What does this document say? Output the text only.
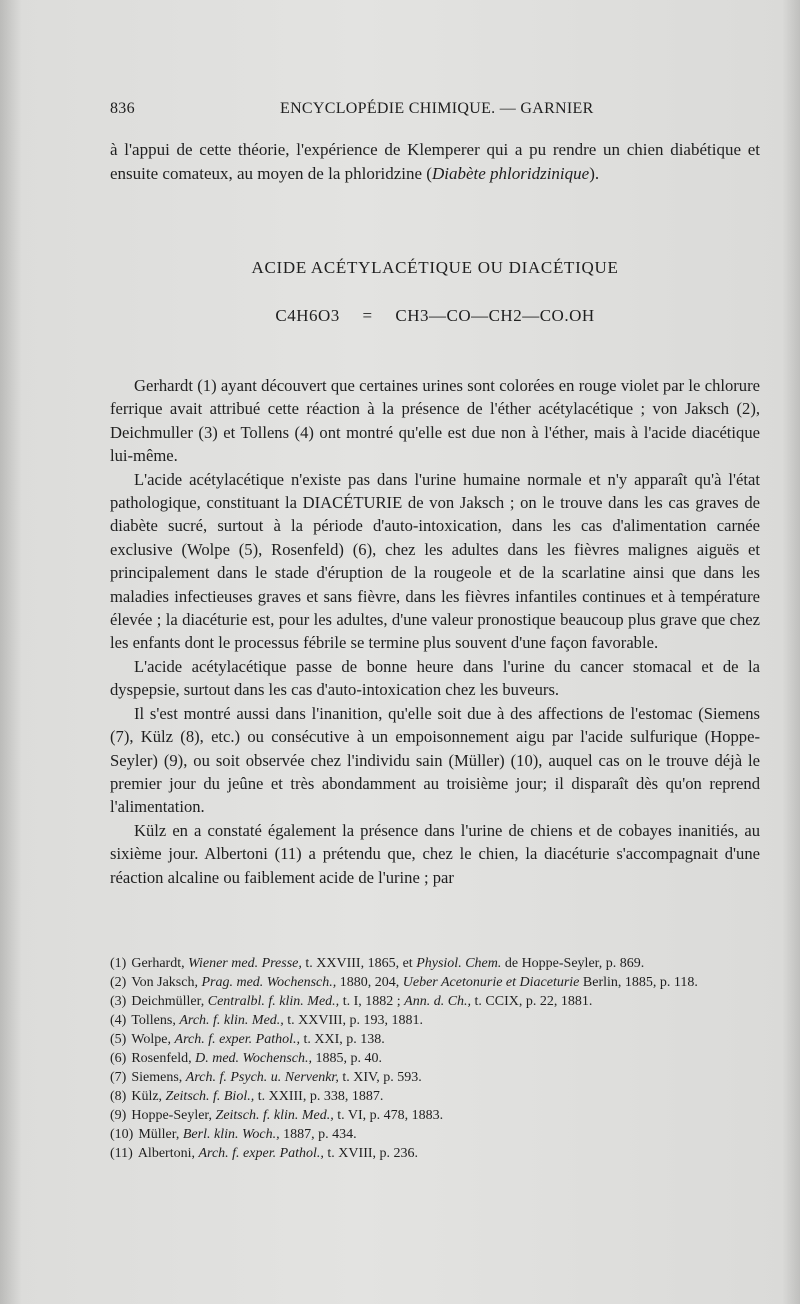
836	ENCYCLOPÉDIE CHIMIQUE. — GARNIER
à l'appui de cette théorie, l'expérience de Klemperer qui a pu rendre un chien diabétique et ensuite comateux, au moyen de la phloridzine (Diabète phloridzinique).
ACIDE ACÉTYLACÉTIQUE OU DIACÉTIQUE
C4H6O3 = CH3—CO—CH2—CO.OH

Gerhardt (1) ayant découvert que certaines urines sont colorées en rouge violet par le chlorure ferrique avait attribué cette réaction à la présence de l'éther acétylacétique ; von Jaksch (2), Deichmuller (3) et Tollens (4) ont montré qu'elle est due non à l'éther, mais à l'acide diacétique lui-même.

L'acide acétylacétique n'existe pas dans l'urine humaine normale et n'y apparaît qu'à l'état pathologique, constituant la DIACÉTURIE de von Jaksch ; on le trouve dans les cas graves de diabète sucré, surtout à la période d'auto-intoxication, dans les cas d'alimentation carnée exclusive (Wolpe (5), Rosenfeld) (6), chez les adultes dans les fièvres malignes aiguës et principalement dans le stade d'éruption de la rougeole et de la scarlatine ainsi que dans les maladies infectieuses graves et sans fièvre, dans les fièvres infantiles continues et à température élevée ; la diacéturie est, pour les adultes, d'une valeur pronostique beaucoup plus grave que chez les enfants dont le processus fébrile se termine plus souvent d'une façon favorable.

L'acide acétylacétique passe de bonne heure dans l'urine du cancer stomacal et de la dyspepsie, surtout dans les cas d'auto-intoxication chez les buveurs.

Il s'est montré aussi dans l'inanition, qu'elle soit due à des affections de l'estomac (Siemens (7), Külz (8), etc.) ou consécutive à un empoisonnement aigu par l'acide sulfurique (Hoppe-Seyler) (9), ou soit observée chez l'individu sain (Müller) (10), auquel cas on le trouve déjà le premier jour du jeûne et très abondamment au troisième jour; il disparaît dès qu'on reprend l'alimentation.

Külz en a constaté également la présence dans l'urine de chiens et de cobayes inanitiés, au sixième jour. Albertoni (11) a prétendu que, chez le chien, la diacéturie s'accompagnait d'une réaction alcaline ou faiblement acide de l'urine ; par

(1) Gerhardt, Wiener med. Presse, t. XXVIII, 1865, et Physiol. Chem. de Hoppe-Seyler, p. 869.

(2) Von Jaksch, Prag. med. Wochensch., 1880, 204, Ueber Acetonurie et Diaceturie Berlin, 1885, p. 118.

(3) Deichmüller, Centralbl. f. klin. Med., t. I, 1882 ; Ann. d. Ch., t. CCIX, p. 22, 1881.

(4) Tollens, Arch. f. klin. Med., t. XXVIII, p. 193, 1881.

(5) Wolpe, Arch. f. exper. Pathol., t. XXI, p. 138.

(6) Rosenfeld, D. med. Wochensch., 1885, p. 40.

(7) Siemens, Arch. f. Psych. u. Nervenkr, t. XIV, p. 593.

(8) Külz, Zeitsch. f. Biol., t. XXIII, p. 338, 1887.

(9) Hoppe-Seyler, Zeitsch. f. klin. Med., t. VI, p. 478, 1883.

(10) Müller, Berl. klin. Woch., 1887, p. 434.

(11) Albertoni, Arch. f. exper. Pathol., t. XVIII, p. 236.
